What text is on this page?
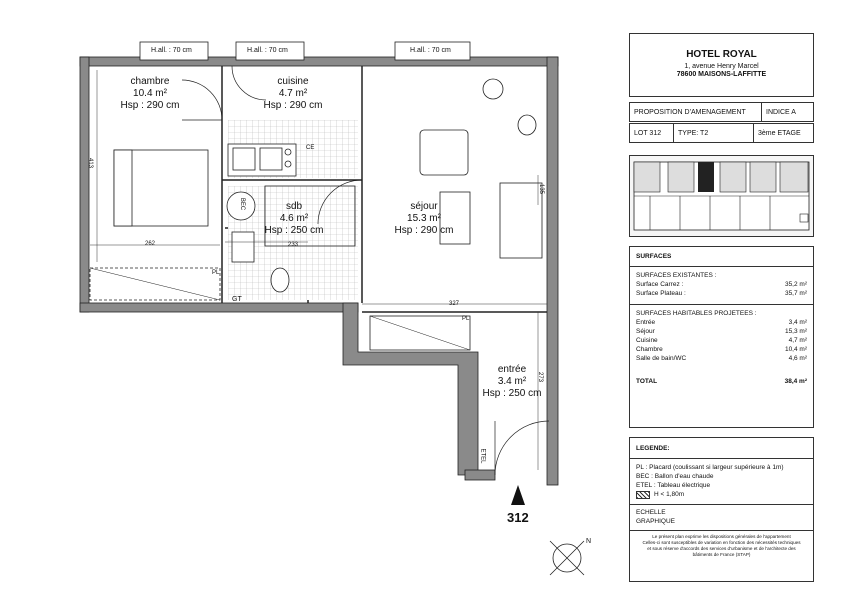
H.all. : 70 cm	H.all. : 70 cm	H.all. : 70 cm
chambre
10.4 m²
Hsp : 290 cm
cuisine
4.7 m²
Hsp : 290 cm
sdb
4.6 m²
Hsp : 250 cm
séjour
15.3 m²
Hsp : 290 cm
entrée
3.4 m²
Hsp : 250 cm
413
262	233
327
273
135
PL
PL
GT
BEC
CE
ETEL
312
N
HOTEL ROYAL
1, avenue Henry Marcel
78600 MAISONS-LAFFITTE
PROPOSITION D'AMENAGEMENT	INDICE A
LOT 312	TYPE: T2	3ème ETAGE
SURFACES
SURFACES EXISTANTES :
Surface Carrez :	35,2 m²
Surface Plateau :	35,7 m²
SURFACES HABITABLES PROJETEES :
Entrée	3,4 m²
Séjour	15,3 m²
Cuisine	4,7 m²
Chambre	10,4 m²
Salle de bain/WC	4,6 m²
TOTAL	38,4 m²
LEGENDE:
PL : Placard (coulissant si largeur supérieure à 1m)
BEC : Ballon d'eau chaude
ETEL : Tableau électrique
H < 1,80m
ECHELLE
GRAPHIQUE
Le présent plan exprime les dispositions générales de l'appartement
Celles-ci sont susceptibles de variation en fonction des nécessités techniques
et sous réserve d'accords des services d'urbanisme et de l'architecte des
bâtiments de France (STAP)
